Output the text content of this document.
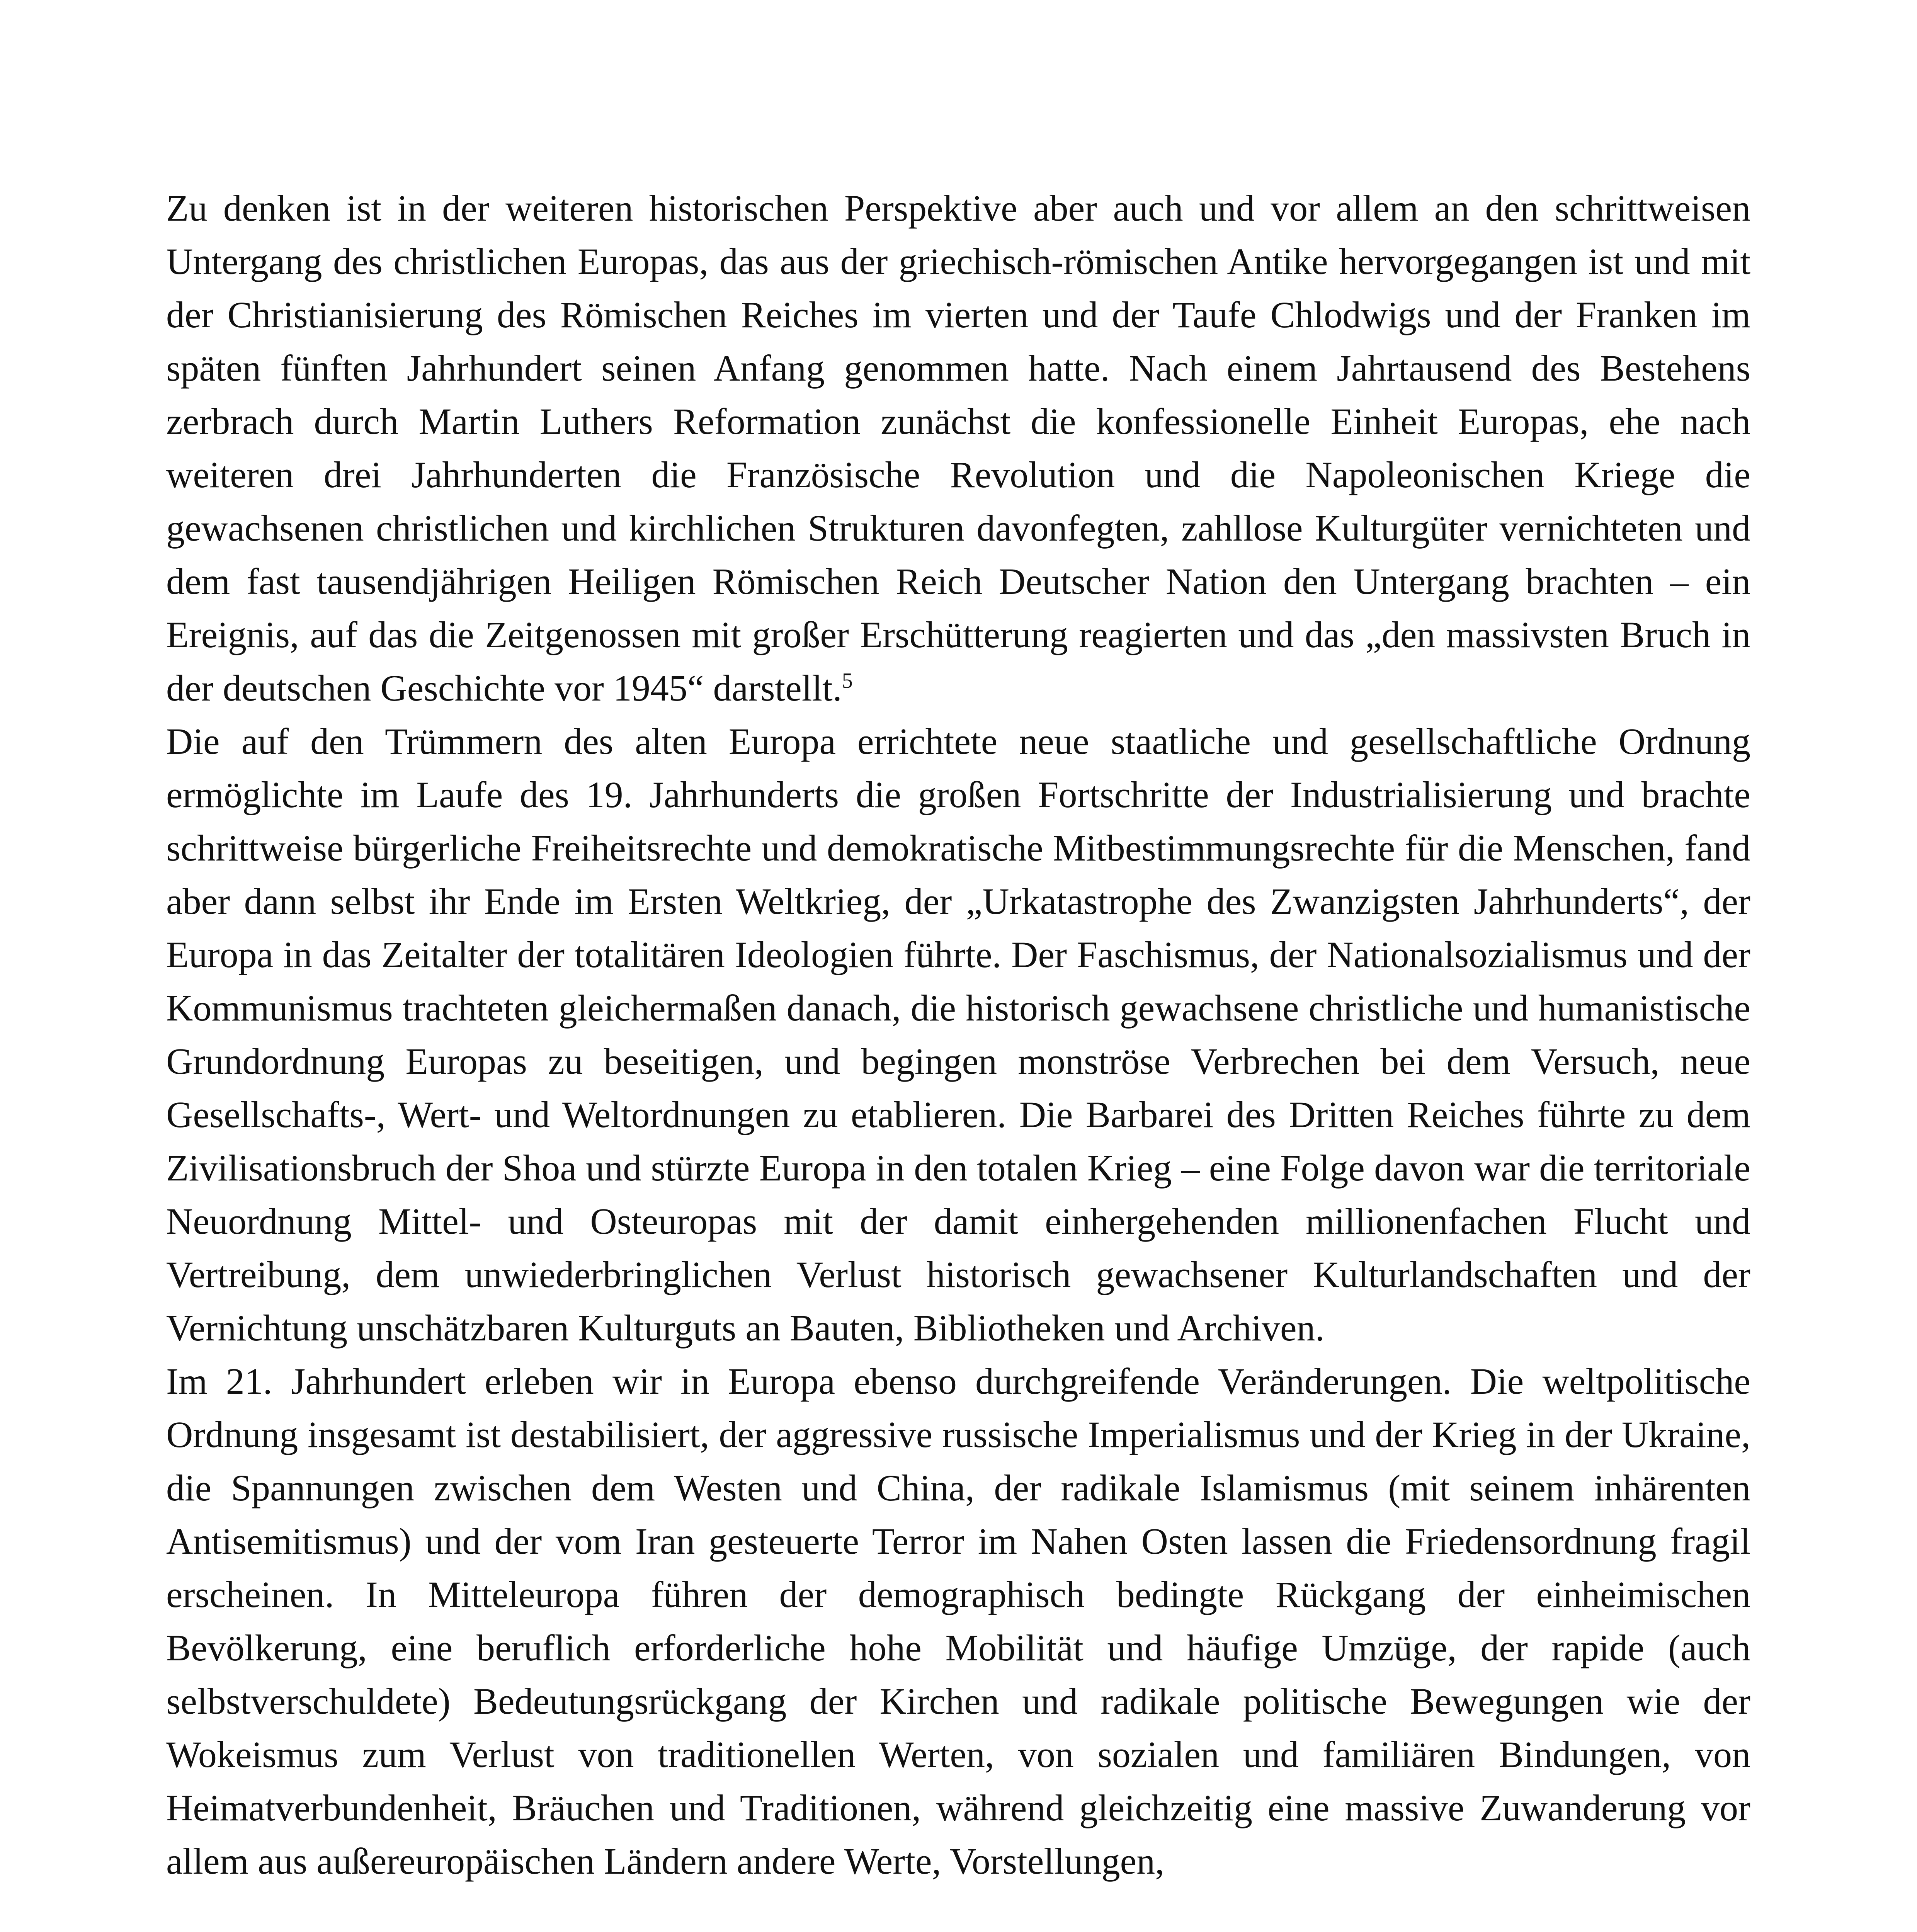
Zu denken ist in der weiteren historischen Perspektive aber auch und vor allem an den schrittweisen Untergang des christlichen Europas, das aus der griechisch-römischen Antike hervorgegangen ist und mit der Christianisierung des Römischen Reiches im vierten und der Taufe Chlodwigs und der Franken im späten fünften Jahrhundert seinen Anfang genommen hatte. Nach einem Jahrtausend des Bestehens zerbrach durch Martin Luthers Reformation zunächst die konfessionelle Einheit Europas, ehe nach weiteren drei Jahrhunderten die Französische Revolution und die Napoleonischen Kriege die gewachsenen christlichen und kirchlichen Strukturen davonfegten, zahllose Kulturgüter vernichteten und dem fast tausendjährigen Heiligen Römischen Reich Deutscher Nation den Untergang brachten – ein Ereignis, auf das die Zeitgenossen mit großer Erschütterung reagierten und das „den massivsten Bruch in der deutschen Geschichte vor 1945“ darstellt.$^5$

Die auf den Trümmern des alten Europa errichtete neue staatliche und gesellschaftliche Ordnung ermöglichte im Laufe des 19. Jahrhunderts die großen Fortschritte der Industrialisierung und brachte schrittweise bürgerliche Freiheitsrechte und demokratische Mitbestimmungsrechte für die Menschen, fand aber dann selbst ihr Ende im Ersten Weltkrieg, der „Urkatastrophe des Zwanzigsten Jahrhunderts“, der Europa in das Zeitalter der totalitären Ideologien führte. Der Faschismus, der Nationalsozialismus und der Kommunismus trachteten gleichermaßen danach, die historisch gewachsene christliche und humanistische Grundordnung Europas zu beseitigen, und begingen monströse Verbrechen bei dem Versuch, neue Gesellschafts-, Wert- und Weltordnungen zu etablieren. Die Barbarei des Dritten Reiches führte zu dem Zivilisationsbruch der Shoa und stürzte Europa in den totalen Krieg – eine Folge davon war die territoriale Neuordnung Mittel- und Osteuropas mit der damit einhergehenden millionenfachen Flucht und Vertreibung, dem unwiederbringlichen Verlust historisch gewachsener Kulturlandschaften und der Vernichtung unschätzbaren Kulturguts an Bauten, Bibliotheken und Archiven.

Im 21. Jahrhundert erleben wir in Europa ebenso durchgreifende Veränderungen. Die weltpolitische Ordnung insgesamt ist destabilisiert, der aggressive russische Imperialismus und der Krieg in der Ukraine, die Spannungen zwischen dem Westen und China, der radikale Islamismus (mit seinem inhärenten Antisemitismus) und der vom Iran gesteuerte Terror im Nahen Osten lassen die Friedensordnung fragil erscheinen. In Mitteleuropa führen der demographisch bedingte Rückgang der einheimischen Bevölkerung, eine beruflich erforderliche hohe Mobilität und häufige Umzüge, der rapide (auch selbstverschuldete) Bedeutungsrückgang der Kirchen und radikale politische Bewegungen wie der Wokeismus zum Verlust von traditionellen Werten, von sozialen und familiären Bindungen, von Heimatverbundenheit, Bräuchen und Traditionen, während gleichzeitig eine massive Zuwanderung vor allem aus außereuropäischen Ländern andere Werte, Vorstellungen,
